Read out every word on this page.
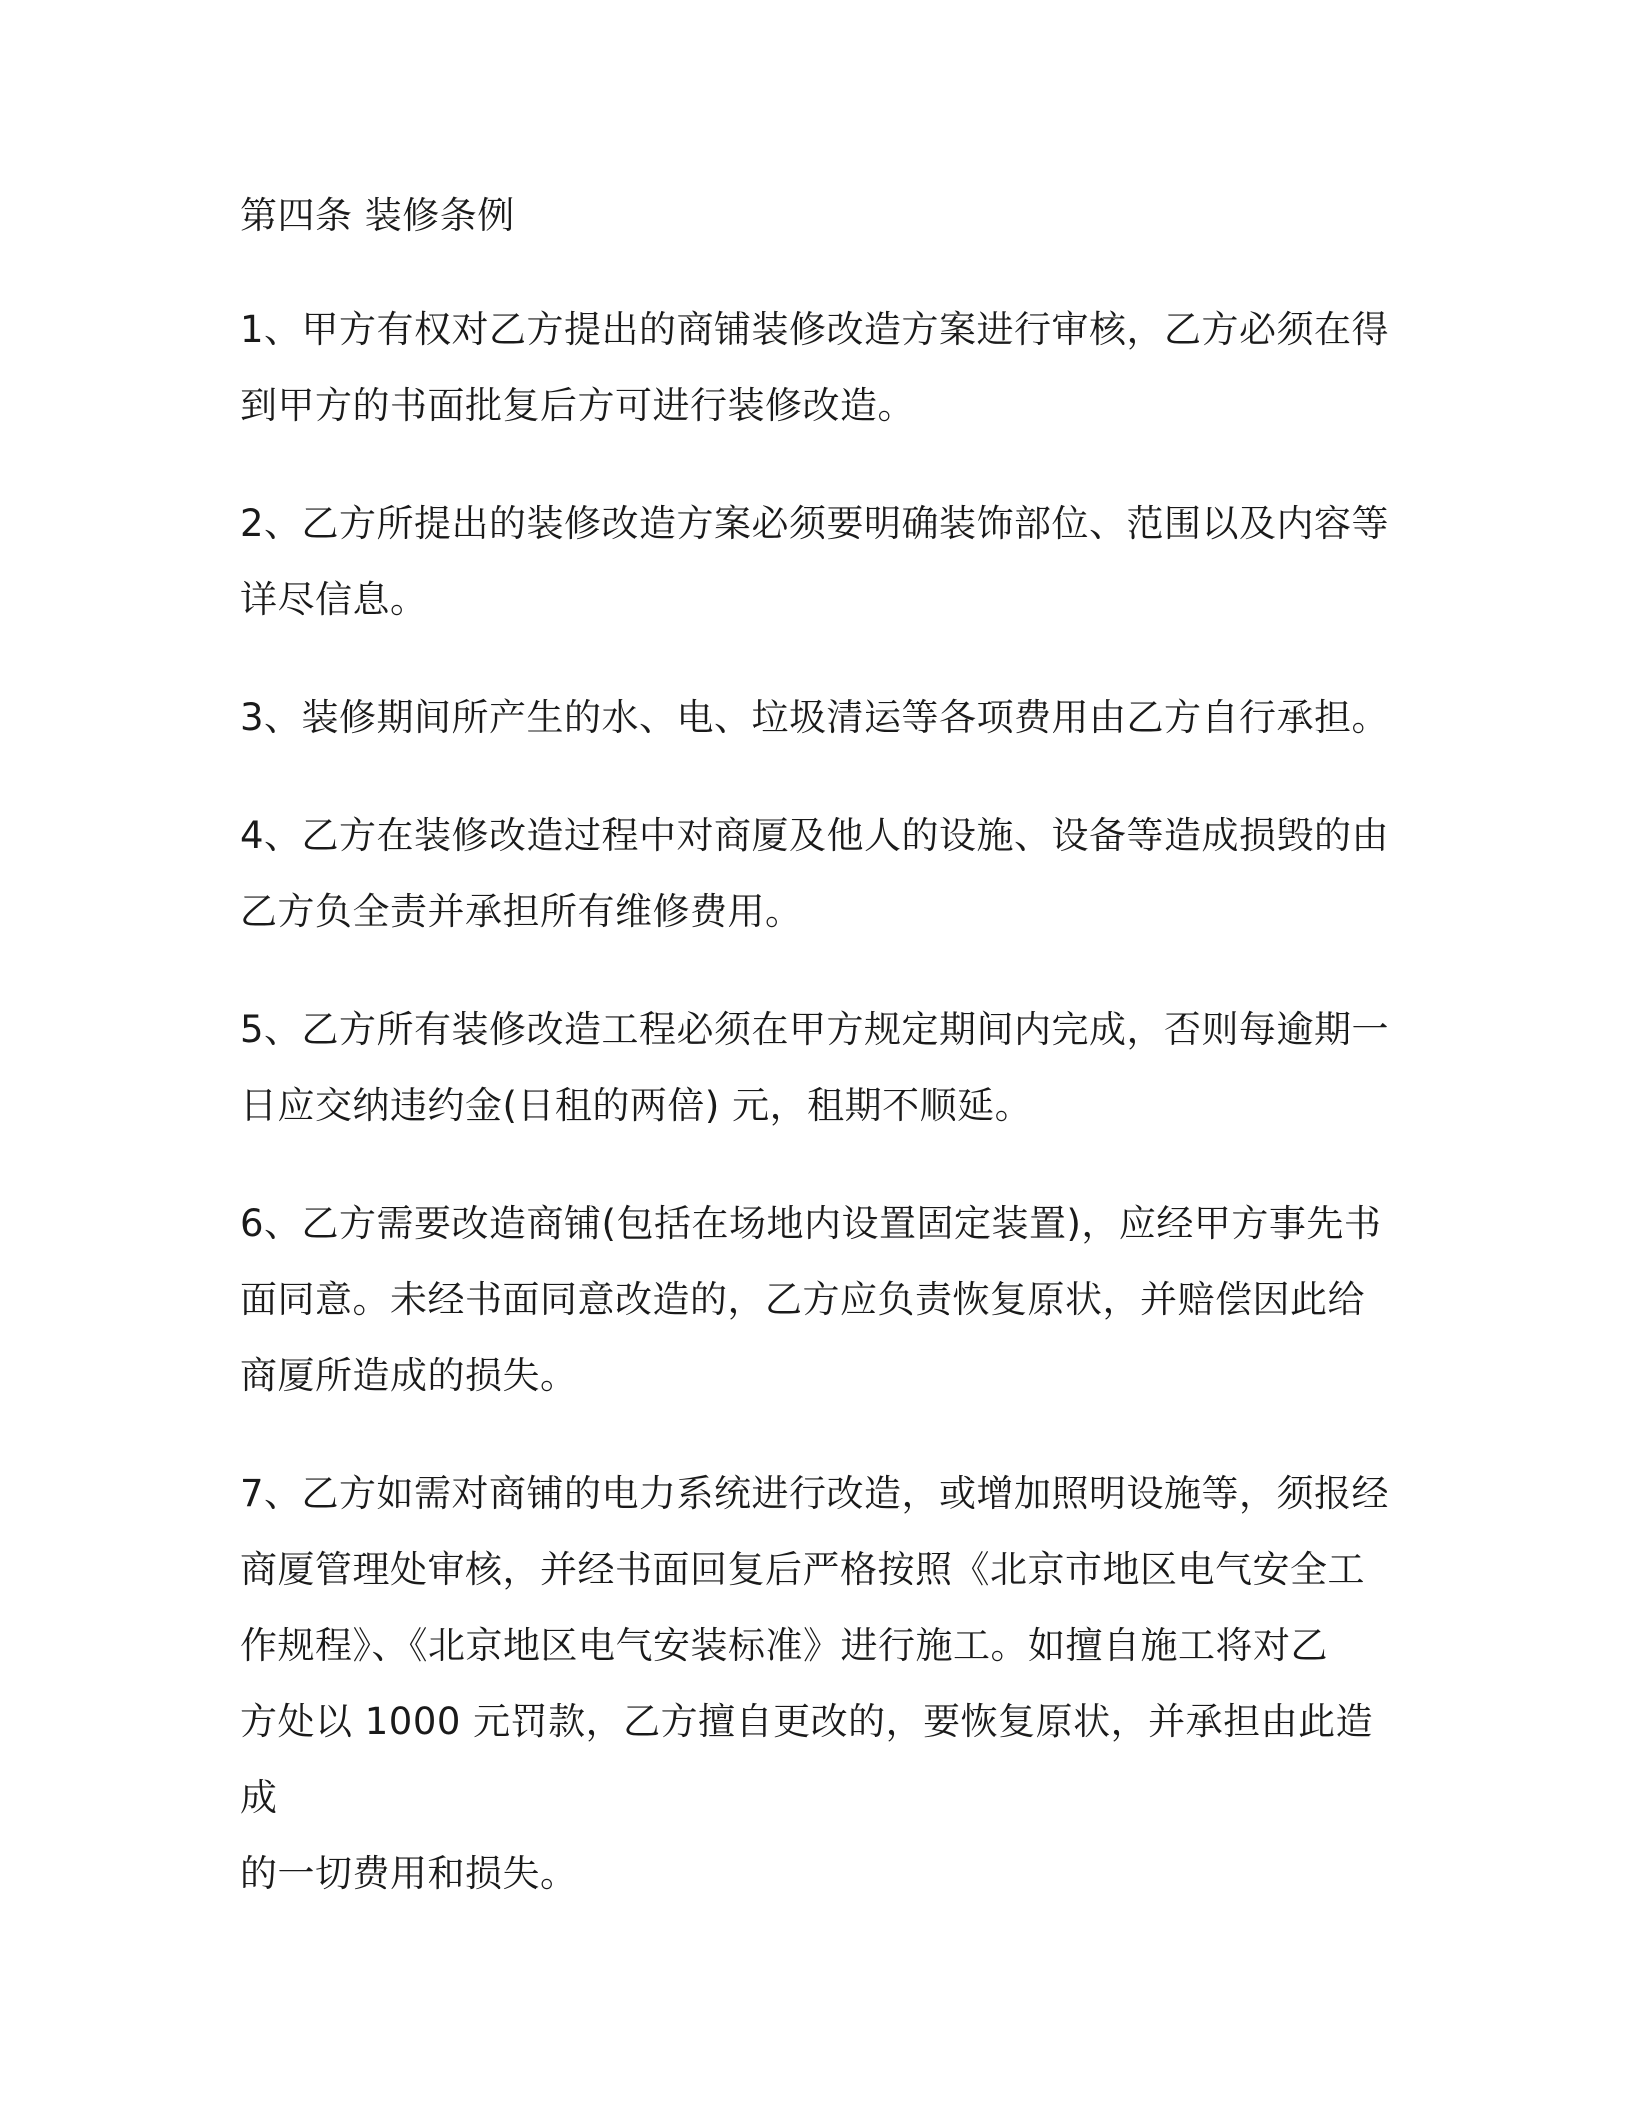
第四条 装修条例

1、甲方有权对乙方提出的商铺装修改造方案进行审核，乙方必须在得
到甲方的书面批复后方可进行装修改造。

2、乙方所提出的装修改造方案必须要明确装饰部位、范围以及内容等
详尽信息。

3、装修期间所产生的水、电、垃圾清运等各项费用由乙方自行承担。

4、乙方在装修改造过程中对商厦及他人的设施、设备等造成损毁的由
乙方负全责并承担所有维修费用。

5、乙方所有装修改造工程必须在甲方规定期间内完成，否则每逾期一
日应交纳违约金(日租的两倍) 元，租期不顺延。

6、乙方需要改造商铺(包括在场地内设置固定装置)，应经甲方事先书
面同意。未经书面同意改造的，乙方应负责恢复原状，并赔偿因此给
商厦所造成的损失。

7、乙方如需对商铺的电力系统进行改造，或增加照明设施等，须报经
商厦管理处审核，并经书面回复后严格按照《北京市地区电气安全工
作规程》、《北京地区电气安装标准》进行施工。如擅自施工将对乙
方处以 1000 元罚款，乙方擅自更改的，要恢复原状，并承担由此造成
的一切费用和损失。
